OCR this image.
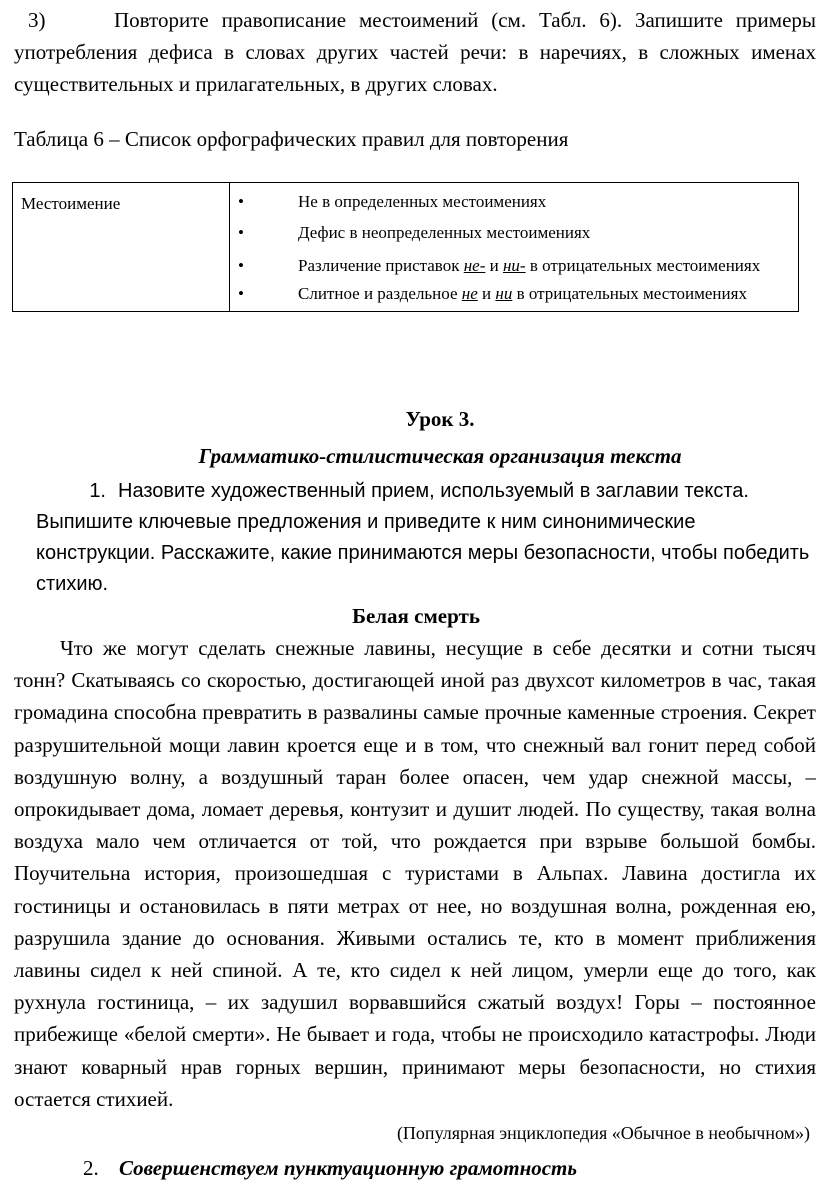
3)	Повторите правописание местоимений (см. Табл. 6). Запишите примеры употребления дефиса в словах других частей речи: в наречиях, в сложных именах существительных и прилагательных, в других словах.

Таблица 6 – Список орфографических правил для повторения
Местоимение	•	Не в определенных местоимениях
•	Дефис в неопределенных местоимениях
•	Различение приставок не- и ни- в отрицательных местоимениях
•	Слитное и раздельное не и ни в отрицательных местоимениях
Урок 3.
Грамматико-стилистическая организация текста
1. Назовите художественный прием, используемый в заглавии текста. Выпишите ключевые предложения и приведите к ним синонимические конструкции. Расскажите, какие принимаются меры безопасности, чтобы победить стихию.
Белая смерть

Что же могут сделать снежные лавины, несущие в себе десятки и сотни тысяч тонн? Скатываясь со скоростью, достигающей иной раз двухсот километров в час, такая громадина способна превратить в развалины самые прочные каменные строения. Секрет разрушительной мощи лавин кроется еще и в том, что снежный вал гонит перед собой воздушную волну, а воздушный таран более опасен, чем удар снежной массы, – опрокидывает дома, ломает деревья, контузит и душит людей. По существу, такая волна воздуха мало чем отличается от той, что рождается при взрыве большой бомбы. Поучительна история, произошедшая с туристами в Альпах. Лавина достигла их гостиницы и остановилась в пяти метрах от нее, но воздушная волна, рожденная ею, разрушила здание до основания. Живыми остались те, кто в момент приближения лавины сидел к ней спиной. А те, кто сидел к ней лицом, умерли еще до того, как рухнула гостиница, – их задушил ворвавшийся сжатый воздух! Горы – постоянное прибежище «белой смерти». Не бывает и года, чтобы не происходило катастрофы. Люди знают коварный нрав горных вершин, принимают меры безопасности, но стихия остается стихией.

(Популярная энциклопедия «Обычное в необычном»)
2. Совершенствуем пунктуационную грамотность
